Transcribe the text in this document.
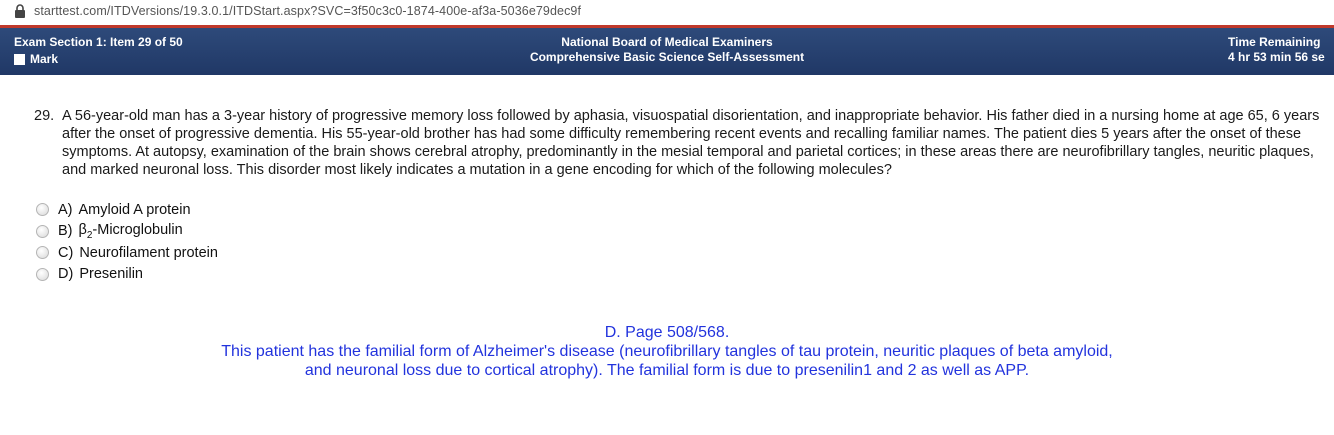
starttest.com/ITDVersions/19.3.0.1/ITDStart.aspx?SVC=3f50c3c0-1874-400e-af3a-5036e79dec9f
Exam Section 1: Item 29 of 50
Mark
National Board of Medical Examiners
Comprehensive Basic Science Self-Assessment
Time Remaining
4 hr 53 min 56 se
29. A 56-year-old man has a 3-year history of progressive memory loss followed by aphasia, visuospatial disorientation, and inappropriate behavior. His father died in a nursing home at age 65, 6 years after the onset of progressive dementia. His 55-year-old brother has had some difficulty remembering recent events and recalling familiar names. The patient dies 5 years after the onset of these symptoms. At autopsy, examination of the brain shows cerebral atrophy, predominantly in the mesial temporal and parietal cortices; in these areas there are neurofibrillary tangles, neuritic plaques, and marked neuronal loss. This disorder most likely indicates a mutation in a gene encoding for which of the following molecules?
A) Amyloid A protein
B) $\beta_2$-Microglobulin
C) Neurofilament protein
D) Presenilin
D. Page 508/568.
This patient has the familial form of Alzheimer's disease (neurofibrillary tangles of tau protein, neuritic plaques of beta amyloid,
and neuronal loss due to cortical atrophy). The familial form is due to presenilin1 and 2 as well as APP.
